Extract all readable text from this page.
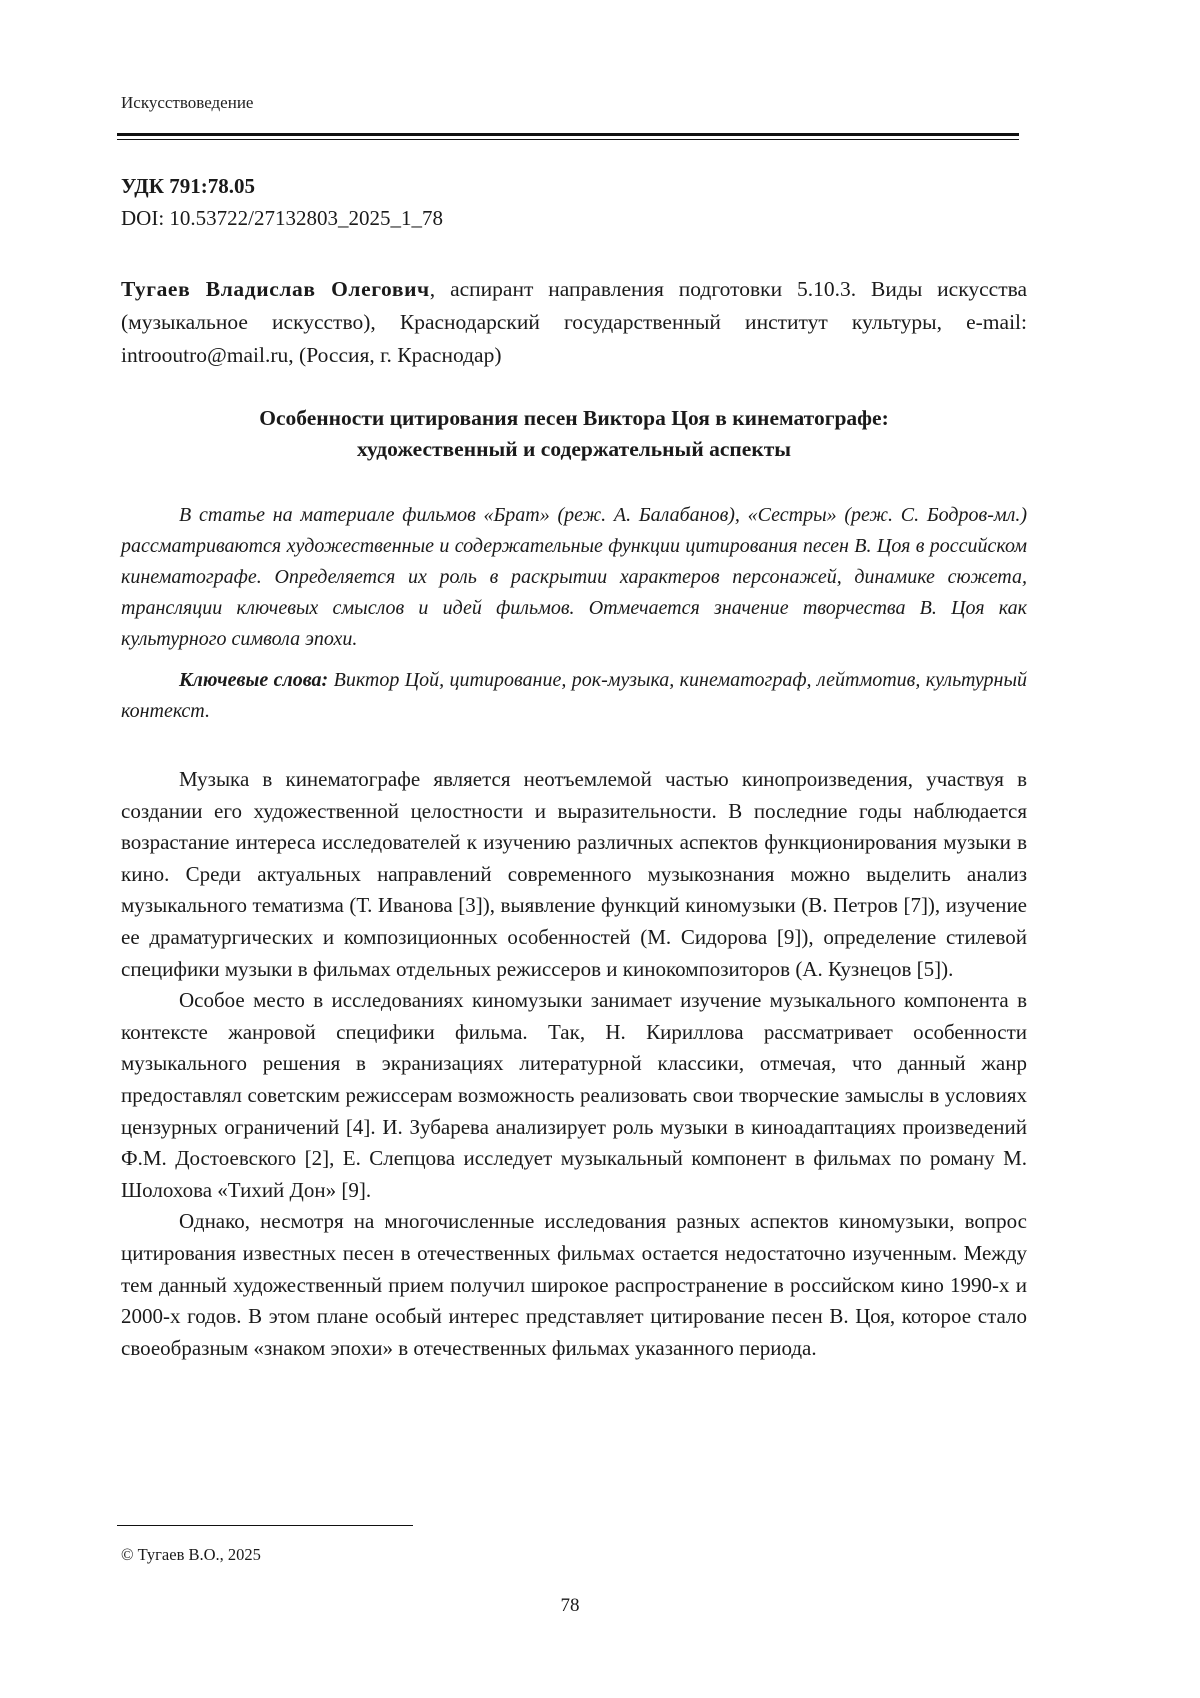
Искусствоведение
УДК 791:78.05
DOI: 10.53722/27132803_2025_1_78
Тугаев Владислав Олегович, аспирант направления подготовки 5.10.3. Виды искусства (музыкальное искусство), Краснодарский государственный институт культуры, e-mail: introoutro@mail.ru, (Россия, г. Краснодар)
Особенности цитирования песен Виктора Цоя в кинематографе:
художественный и содержательный аспекты
В статье на материале фильмов «Брат» (реж. А. Балабанов), «Сестры» (реж. С. Бодров-мл.) рассматриваются художественные и содержательные функции цитирования песен В. Цоя в российском кинематографе. Определяется их роль в раскрытии характеров персонажей, динамике сюжета, трансляции ключевых смыслов и идей фильмов. Отмечается значение творчества В. Цоя как культурного символа эпохи.
Ключевые слова: Виктор Цой, цитирование, рок-музыка, кинематограф, лейтмотив, культурный контекст.

Музыка в кинематографе является неотъемлемой частью кинопроизведения, участвуя в создании его художественной целостности и выразительности. В последние годы наблюдается возрастание интереса исследователей к изучению различных аспектов функционирования музыки в кино. Среди актуальных направлений современного музыкознания можно выделить анализ музыкального тематизма (Т. Иванова [3]), выявление функций киномузыки (В. Петров [7]), изучение ее драматургических и композиционных особенностей (М. Сидорова [9]), определение стилевой специфики музыки в фильмах отдельных режиссеров и кинокомпозиторов (А. Кузнецов [5]).

Особое место в исследованиях киномузыки занимает изучение музыкального компонента в контексте жанровой специфики фильма. Так, Н. Кириллова рассматривает особенности музыкального решения в экранизациях литературной классики, отмечая, что данный жанр предоставлял советским режиссерам возможность реализовать свои творческие замыслы в условиях цензурных ограничений [4]. И. Зубарева анализирует роль музыки в киноадаптациях произведений Ф.М. Достоевского [2], Е. Слепцова исследует музыкальный компонент в фильмах по роману М. Шолохова «Тихий Дон» [9].

Однако, несмотря на многочисленные исследования разных аспектов киномузыки, вопрос цитирования известных песен в отечественных фильмах остается недостаточно изученным. Между тем данный художественный прием получил широкое распространение в российском кино 1990-х и 2000-х годов. В этом плане особый интерес представляет цитирование песен В. Цоя, которое стало своеобразным «знаком эпохи» в отечественных фильмах указанного периода.

© Тугаев В.О., 2025
78
